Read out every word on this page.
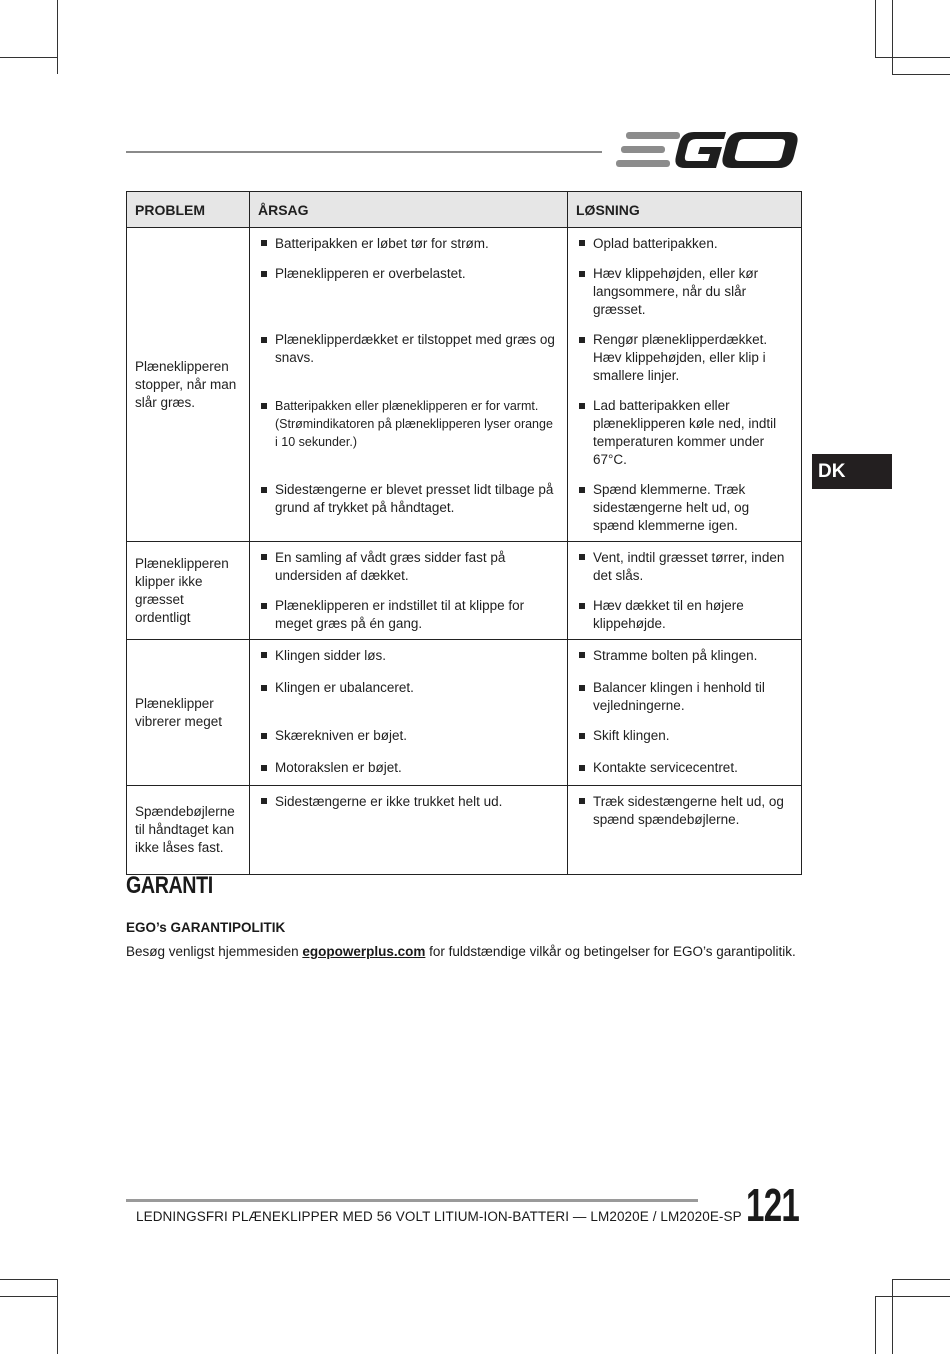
PROBLEM	ÅRSAG	LØSNING
Plæneklipperen stopper, når man slår græs.	Batteripakken er løbet tør for strøm.	Oplad batteripakken.

	Plæneklipperen er overbelastet.	Hæv klippehøjden, eller kør langsommere, når du slår græsset.

	Plæneklipperdækket er tilstoppet med græs og snavs.	Rengør plæneklipperdækket. Hæv klippehøjden, eller klip i smallere linjer.

	Batteripakken eller plæneklipperen er for varmt. (Strømindikatoren på plæneklipperen lyser orange i 10 sekunder.)	Lad batteripakken eller plæneklipperen køle ned, indtil temperaturen kommer under 67°C.

	Sidestængerne er blevet presset lidt tilbage på grund af trykket på håndtaget.	Spænd klemmerne. Træk sidestængerne helt ud, og spænd klemmerne igen.

Plæneklipperen klipper ikke græsset ordentligt	En samling af vådt græs sidder fast på undersiden af dækket.	Vent, indtil græsset tørrer, inden det slås.

	Plæneklipperen er indstillet til at klippe for meget græs på én gang.	Hæv dækket til en højere klippehøjde.

Plæneklipper vibrerer meget	Klingen sidder løs.	Stramme bolten på klingen.

	Klingen er ubalanceret.	Balancer klingen i henhold til vejledningerne.

	Skærekniven er bøjet.	Skift klingen.

	Motorakslen er bøjet.	Kontakte servicecentret.

Spændebøjlerne til håndtaget kan ikke låses fast.	Sidestængerne er ikke trukket helt ud.	Træk sidestængerne helt ud, og spænd spændebøjlerne.
DK
GARANTI
EGO’s GARANTIPOLITIK
Besøg venligst hjemmesiden egopowerplus.com for fuldstændige vilkår og betingelser for EGO’s garantipolitik.
LEDNINGSFRI PLÆNEKLIPPER MED 56 VOLT LITIUM-ION-BATTERI — LM2020E / LM2020E-SP 121
